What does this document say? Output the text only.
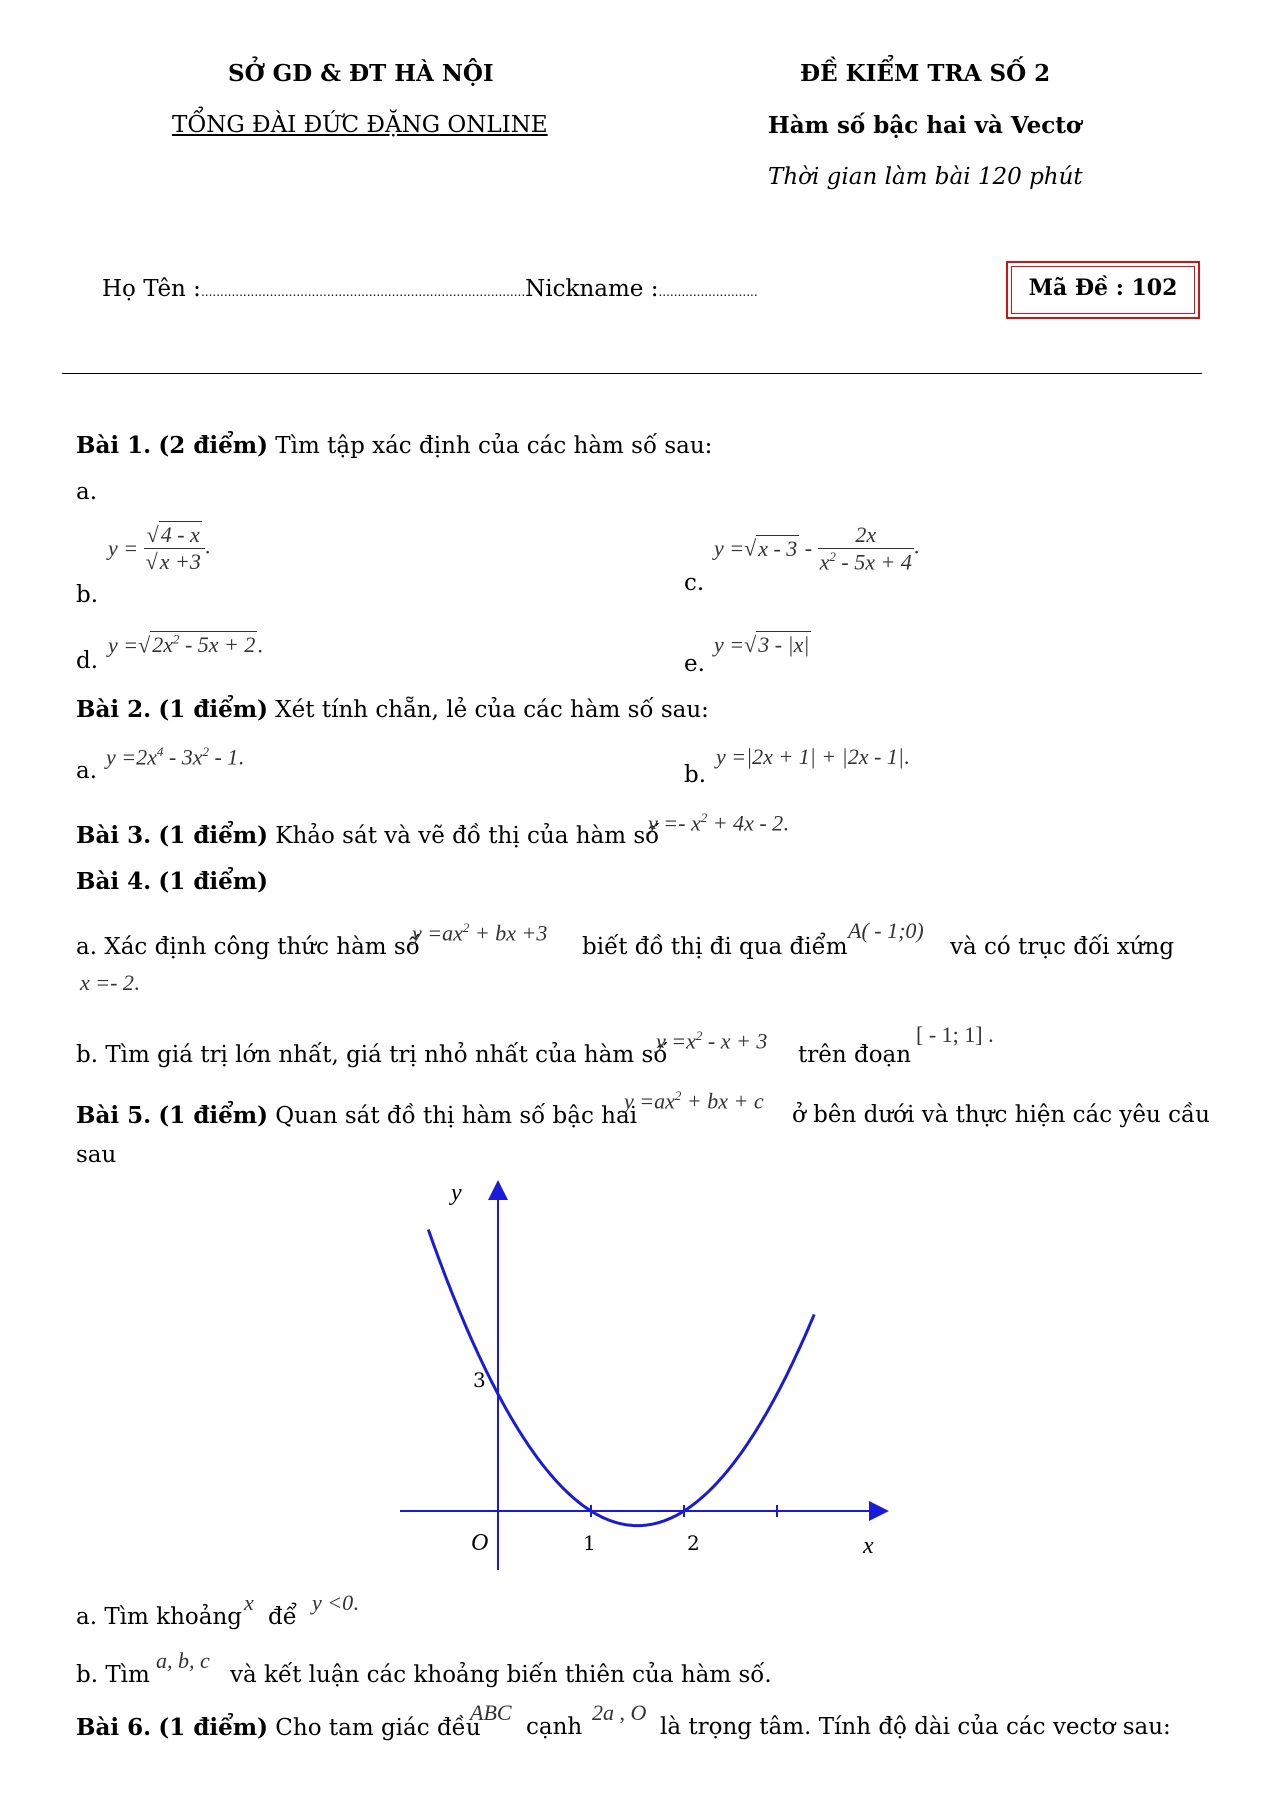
SỞ GD & ĐT HÀ NỘI
TỔNG ĐÀI ĐỨC ĐẶNG ONLINE
ĐỀ KIỂM TRA SỐ 2
Hàm số bậc hai và Vectơ
Thời gian làm bài 120 phút
Họ Tên :.....................................................................................Nickname :..........................	Mã Đề : 102
Bài 1. (2 điểm) Tìm tập xác định của các hàm số sau:
a.
b.
$y = \frac{√4 - x}{√x +3}$ .
c.
$y =√x - 3 - \frac{2x}{x^2 - 5x + 4}$ .
d.
$y =√2x^2 - 5x + 2$.
e.
y =√3 - |x|
Bài 2. (1 điểm) Xét tính chẵn, lẻ của các hàm số sau:
a.
$y =2x^4 - 3x^2 - 1$.
b.
y =|2x + 1| + |2x - 1|.
Bài 3. (1 điểm) Khảo sát và vẽ đồ thị của hàm số
$y =- x^2 + 4x - 2$.
Bài 4. (1 điểm)
a. Xác định công thức hàm số
$y =ax^2$ + bx +3
biết đồ thị đi qua điểm
A( - 1;0)
và có trục đối xứng
x =- 2.
b. Tìm giá trị lớn nhất, giá trị nhỏ nhất của hàm số
$y =x^2 - x + 3$
trên đoạn
[ - 1; 1] .
Bài 5. (1 điểm) Quan sát đồ thị hàm số bậc hai
$y =ax^2$ + bx + c
ở bên dưới và thực hiện các yêu cầu
sau
y
x
O	1	2
3
a. Tìm khoảng
x
để
y <0.
b. Tìm
a, b, c
và kết luận các khoảng biến thiên của hàm số.
Bài 6. (1 điểm) Cho tam giác đều
ABC
cạnh
2a , O
là trọng tâm. Tính độ dài của các vectơ sau:
